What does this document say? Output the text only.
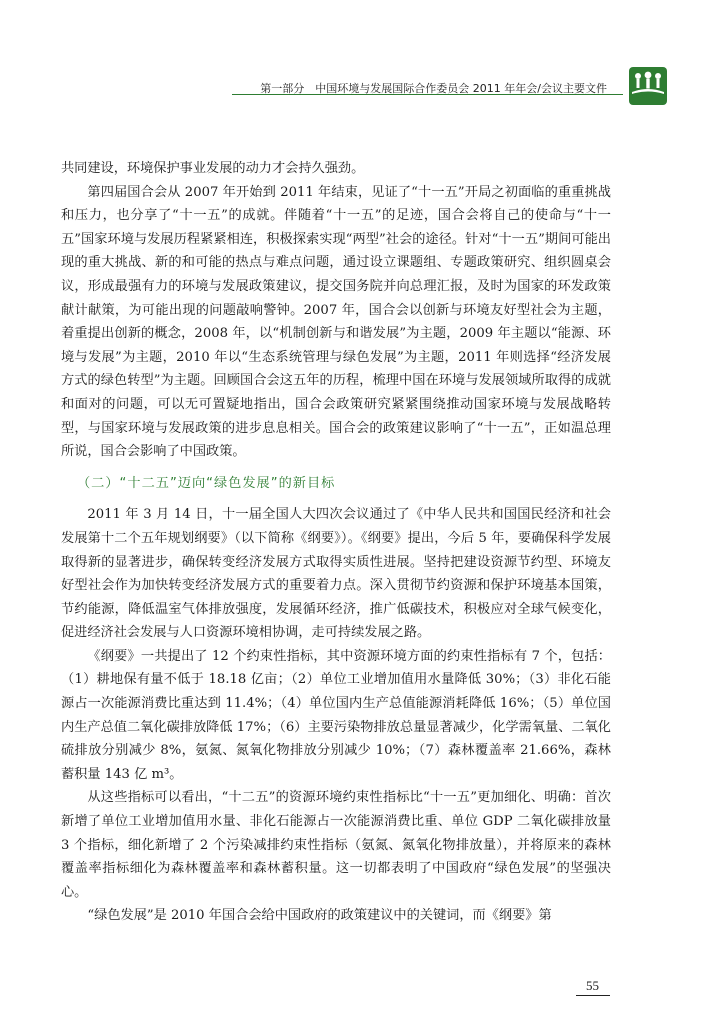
第一部分　中国环境与发展国际合作委员会 2011 年年会/会议主要文件
CCICED

共同建设，环境保护事业发展的动力才会持久强劲。

第四届国合会从 2007 年开始到 2011 年结束，见证了“十一五”开局之初面临的重重挑战和压力，也分享了“十一五”的成就。伴随着“十一五”的足迹，国合会将自己的使命与“十一五”国家环境与发展历程紧紧相连，积极探索实现“两型”社会的途径。针对“十一五”期间可能出现的重大挑战、新的和可能的热点与难点问题，通过设立课题组、专题政策研究、组织圆桌会议，形成最强有力的环境与发展政策建议，提交国务院并向总理汇报，及时为国家的环发政策献计献策，为可能出现的问题敲响警钟。2007 年，国合会以创新与环境友好型社会为主题，着重提出创新的概念，2008 年，以“机制创新与和谐发展”为主题，2009 年主题以“能源、环境与发展”为主题，2010 年以“生态系统管理与绿色发展”为主题，2011 年则选择“经济发展方式的绿色转型”为主题。回顾国合会这五年的历程，梳理中国在环境与发展领域所取得的成就和面对的问题，可以无可置疑地指出，国合会政策研究紧紧围绕推动国家环境与发展战略转型，与国家环境与发展政策的进步息息相关。国合会的政策建议影响了“十一五”，正如温总理所说，国合会影响了中国政策。

（二）“十二五”迈向“绿色发展”的新目标

2011 年 3 月 14 日，十一届全国人大四次会议通过了《中华人民共和国国民经济和社会发展第十二个五年规划纲要》（以下简称《纲要》）。《纲要》提出，今后 5 年，要确保科学发展取得新的显著进步，确保转变经济发展方式取得实质性进展。坚持把建设资源节约型、环境友好型社会作为加快转变经济发展方式的重要着力点。深入贯彻节约资源和保护环境基本国策，节约能源，降低温室气体排放强度，发展循环经济，推广低碳技术，积极应对全球气候变化，促进经济社会发展与人口资源环境相协调，走可持续发展之路。

《纲要》一共提出了 12 个约束性指标，其中资源环境方面的约束性指标有 7 个，包括：（1）耕地保有量不低于 18.18 亿亩；（2）单位工业增加值用水量降低 30%；（3）非化石能源占一次能源消费比重达到 11.4%；（4）单位国内生产总值能源消耗降低 16%；（5）单位国内生产总值二氧化碳排放降低 17%；（6）主要污染物排放总量显著减少，化学需氧量、二氧化硫排放分别减少 8%，氨氮、氮氧化物排放分别减少 10%；（7）森林覆盖率 21.66%，森林蓄积量 143 亿 m³。

从这些指标可以看出，“十二五”的资源环境约束性指标比“十一五”更加细化、明确：首次新增了单位工业增加值用水量、非化石能源占一次能源消费比重、单位 GDP 二氧化碳排放量 3 个指标，细化新增了 2 个污染减排约束性指标（氨氮、氮氧化物排放量），并将原来的森林覆盖率指标细化为森林覆盖率和森林蓄积量。这一切都表明了中国政府“绿色发展”的坚强决心。

“绿色发展”是 2010 年国合会给中国政府的政策建议中的关键词，而《纲要》第

55
